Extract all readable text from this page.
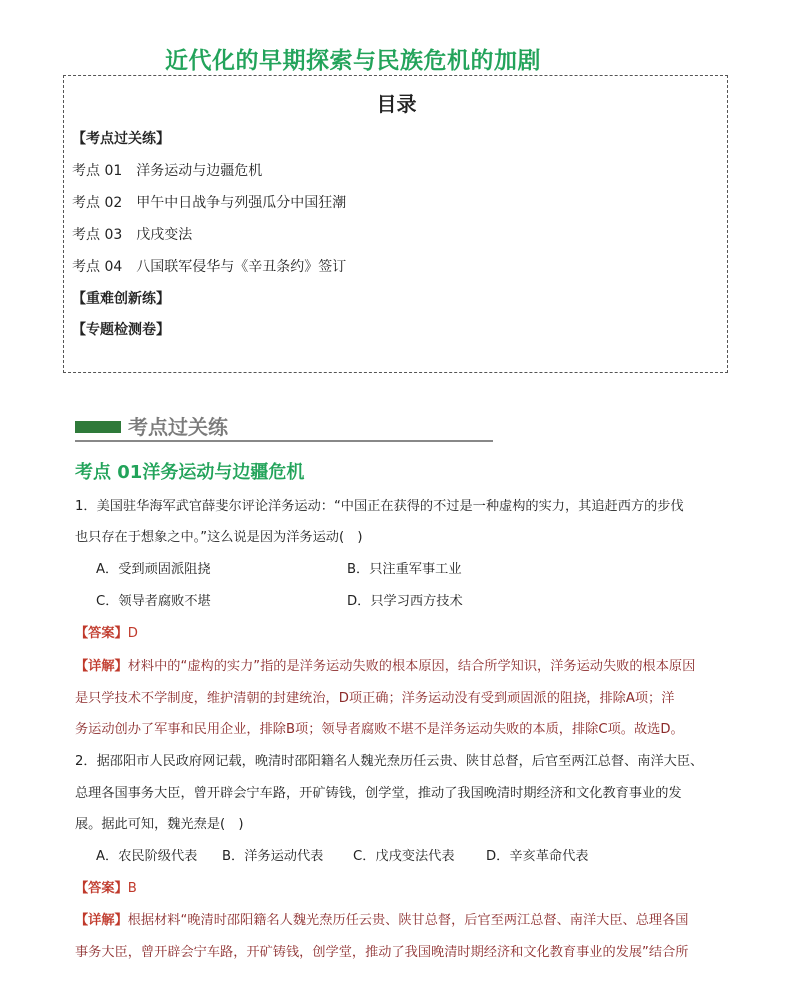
近代化的早期探索与民族危机的加剧
目录
【考点过关练】
考点 01　洋务运动与边疆危机
考点 02　甲午中日战争与列强瓜分中国狂潮
考点 03　戊戌变法
考点 04　八国联军侵华与《辛丑条约》签订
【重难创新练】
【专题检测卷】
考点过关练
考点 01洋务运动与边疆危机
1．美国驻华海军武官薛斐尔评论洋务运动：“中国正在获得的不过是一种虚构的实力，其追赶西方的步伐
也只存在于想象之中。”这么说是因为洋务运动(　)
A．受到顽固派阻挠	B．只注重军事工业
C．领导者腐败不堪	D．只学习西方技术
【答案】D
【详解】材料中的“虚构的实力”指的是洋务运动失败的根本原因，结合所学知识，洋务运动失败的根本原因
是只学技术不学制度，维护清朝的封建统治，D项正确；洋务运动没有受到顽固派的阻挠，排除A项；洋
务运动创办了军事和民用企业，排除B项；领导者腐败不堪不是洋务运动失败的本质，排除C项。故选D。
2．据邵阳市人民政府网记载，晚清时邵阳籍名人魏光焘历任云贵、陕甘总督，后官至两江总督、南洋大臣、
总理各国事务大臣，曾开辟会宁车路，开矿铸钱，创学堂，推动了我国晚清时期经济和文化教育事业的发
展。据此可知，魏光焘是(　)
A．农民阶级代表 B．洋务运动代表 C．戊戌变法代表 D．辛亥革命代表
【答案】B
【详解】根据材料“晚清时邵阳籍名人魏光焘历任云贵、陕甘总督，后官至两江总督、南洋大臣、总理各国
事务大臣，曾开辟会宁车路，开矿铸钱，创学堂，推动了我国晚清时期经济和文化教育事业的发展”结合所
